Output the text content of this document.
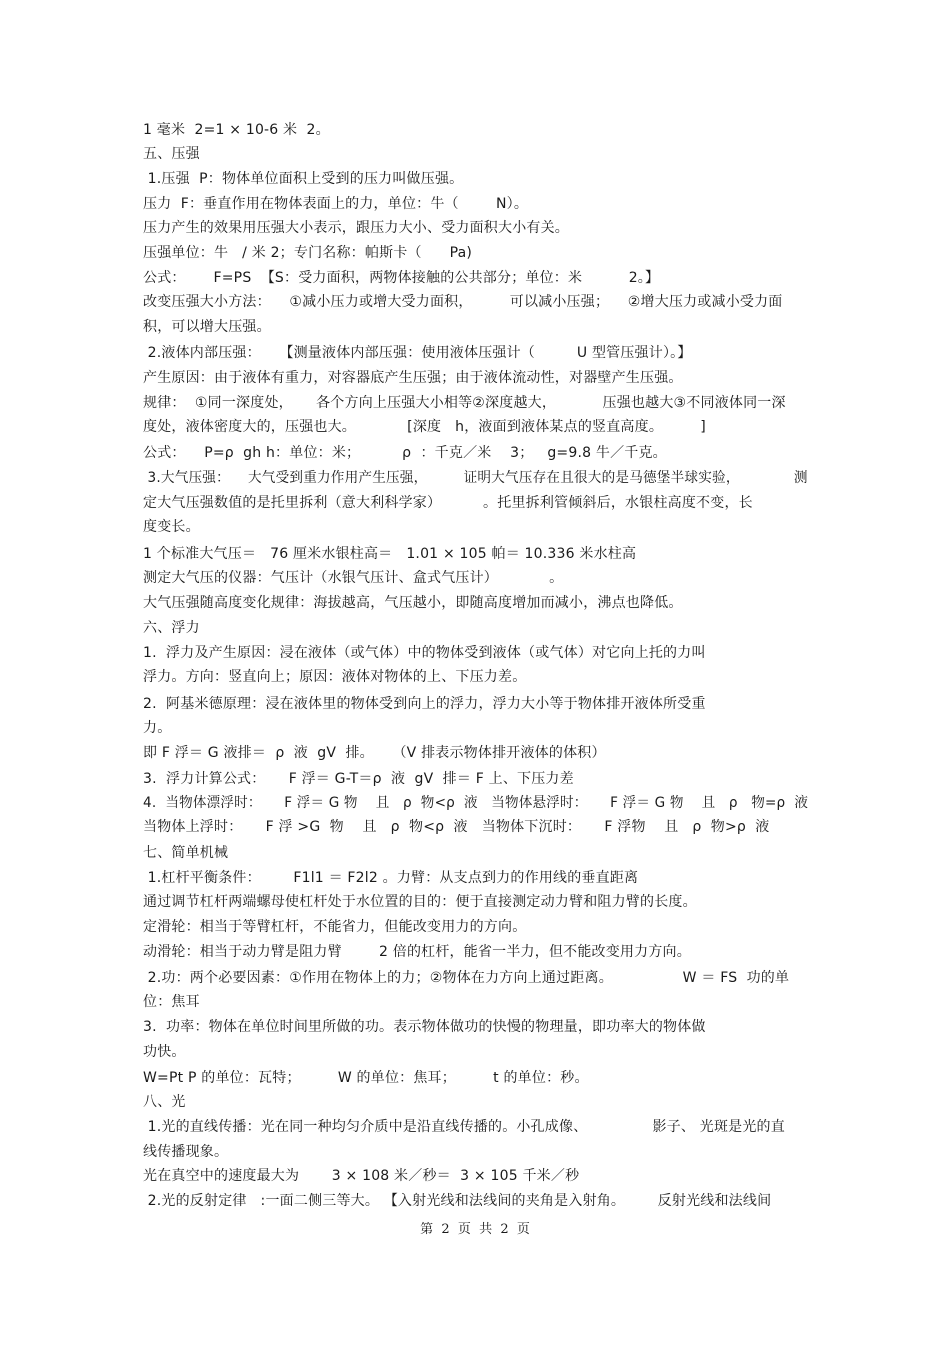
1 毫米  2=1 × 10-6 米  2。
五、压强
1.压强  P：物体单位面积上受到的压力叫做压强。
压力  F：垂直作用在物体表面上的力，单位：牛（        N）。
压力产生的效果用压强大小表示，跟压力大小、受力面积大小有关。
压强单位：牛   / 米 2；专门名称：帕斯卡（      Pa)
公式：      F=PS  【S：受力面积，两物体接触的公共部分；单位：米          2。】
改变压强大小方法：    ①减小压力或增大受力面积，        可以减小压强；    ②增大压力或减小受力面
积，可以增大压强。
2.液体内部压强：    【测量液体内部压强：使用液体压强计（         U 型管压强计）。】
产生原因：由于液体有重力，对容器底产生压强；由于液体流动性，对器壁产生压强。
规律：  ①同一深度处，     各个方向上压强大小相等②深度越大，          压强也越大③不同液体同一深
度处，液体密度大的，压强也大。           [深度   h，液面到液体某点的竖直高度。        ]
公式：    P=ρ  gh h：单位：米；         ρ  ：千克／米    3；   g=9.8 牛／千克。
3.大气压强：    大气受到重力作用产生压强，        证明大气压存在且很大的是马德堡半球实验，            测
定大气压强数值的是托里拆利（意大利科学家）         。托里拆利管倾斜后，水银柱高度不变，长
度变长。
1 个标准大气压＝   76 厘米水银柱高＝   1.01 × 105 帕＝ 10.336 米水柱高
测定大气压的仪器：气压计（水银气压计、盒式气压计）           。
大气压强随高度变化规律：海拔越高，气压越小，即随高度增加而减小，沸点也降低。
六、浮力
1.  浮力及产生原因：浸在液体（或气体）中的物体受到液体（或气体）对它向上托的力叫
浮力。方向：竖直向上；原因：液体对物体的上、下压力差。
2.  阿基米德原理：浸在液体里的物体受到向上的浮力，浮力大小等于物体排开液体所受重
力。
即 F 浮＝ G 液排＝  ρ  液  gV  排。    （V 排表示物体排开液体的体积）
3.  浮力计算公式：     F 浮＝ G-T＝ρ  液  gV  排＝ F 上、下压力差
4.  当物体漂浮时：     F 浮＝ G 物    且   ρ  物<ρ  液   当物体悬浮时：     F 浮＝ G 物    且   ρ   物=ρ  液
当物体上浮时：     F 浮 >G  物    且   ρ  物<ρ  液   当物体下沉时：     F 浮物    且   ρ  物>ρ  液
七、简单机械
1.杠杆平衡条件：       F1l1 ＝ F2l2 。力臂：从支点到力的作用线的垂直距离
通过调节杠杆两端螺母使杠杆处于水位置的目的：便于直接测定动力臂和阻力臂的长度。
定滑轮：相当于等臂杠杆，不能省力，但能改变用力的方向。
动滑轮：相当于动力臂是阻力臂        2 倍的杠杆，能省一半力，但不能改变用力方向。
2.功：两个必要因素：①作用在物体上的力；②物体在力方向上通过距离。               W ＝ FS  功的单
位：焦耳
3.  功率：物体在单位时间里所做的功。表示物体做功的快慢的物理量，即功率大的物体做
功快。
W=Pt P 的单位：瓦特；        W 的单位：焦耳；        t 的单位：秒。
八、光
1.光的直线传播：光在同一种均匀介质中是沿直线传播的。小孔成像、              影子、 光斑是光的直
线传播现象。
光在真空中的速度最大为       3 × 108 米／秒＝  3 × 105 千米／秒
2.光的反射定律   :一面二侧三等大。 【入射光线和法线间的夹角是入射角。       反射光线和法线间
第  2  页  共  2  页
